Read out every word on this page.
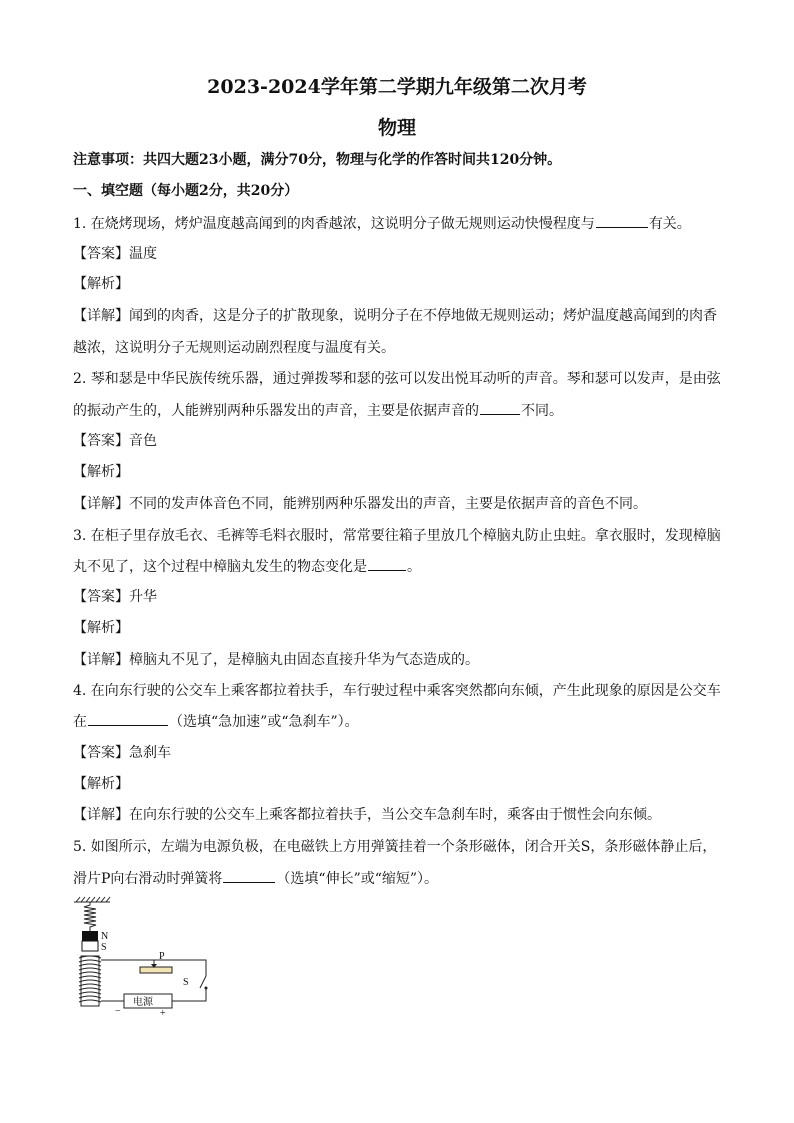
2023-2024学年第二学期九年级第二次月考
物理
注意事项：共四大题23小题，满分70分，物理与化学的作答时间共120分钟。
一、填空题（每小题2分，共20分）
1. 在烧烤现场，烤炉温度越高闻到的肉香越浓，这说明分子做无规则运动快慢程度与	有关。
【答案】温度
【解析】
【详解】闻到的肉香，这是分子的扩散现象，说明分子在不停地做无规则运动；烤炉温度越高闻到的肉香
越浓，这说明分子无规则运动剧烈程度与温度有关。
2. 琴和瑟是中华民族传统乐器，通过弹拨琴和瑟的弦可以发出悦耳动听的声音。琴和瑟可以发声，是由弦
的振动产生的，人能辨别两种乐器发出的声音，主要是依据声音的	不同。
【答案】音色
【解析】
【详解】不同的发声体音色不同，能辨别两种乐器发出的声音，主要是依据声音的音色不同。
3. 在柜子里存放毛衣、毛裤等毛料衣服时，常常要往箱子里放几个樟脑丸防止虫蛀。拿衣服时，发现樟脑
丸不见了，这个过程中樟脑丸发生的物态变化是	。
【答案】升华
【解析】
【详解】樟脑丸不见了，是樟脑丸由固态直接升华为气态造成的。
4. 在向东行驶的公交车上乘客都拉着扶手，车行驶过程中乘客突然都向东倾，产生此现象的原因是公交车
在	（选填“急加速”或“急刹车”）。
【答案】急刹车
【解析】
【详解】在向东行驶的公交车上乘客都拉着扶手，当公交车急刹车时，乘客由于惯性会向东倾。
5. 如图所示，左端为电源负极，在电磁铁上方用弹簧挂着一个条形磁体，闭合开关S，条形磁体静止后，
滑片P向右滑动时弹簧将	（选填“伸长”或“缩短”）。
N
S
P
S
电源
−	+
